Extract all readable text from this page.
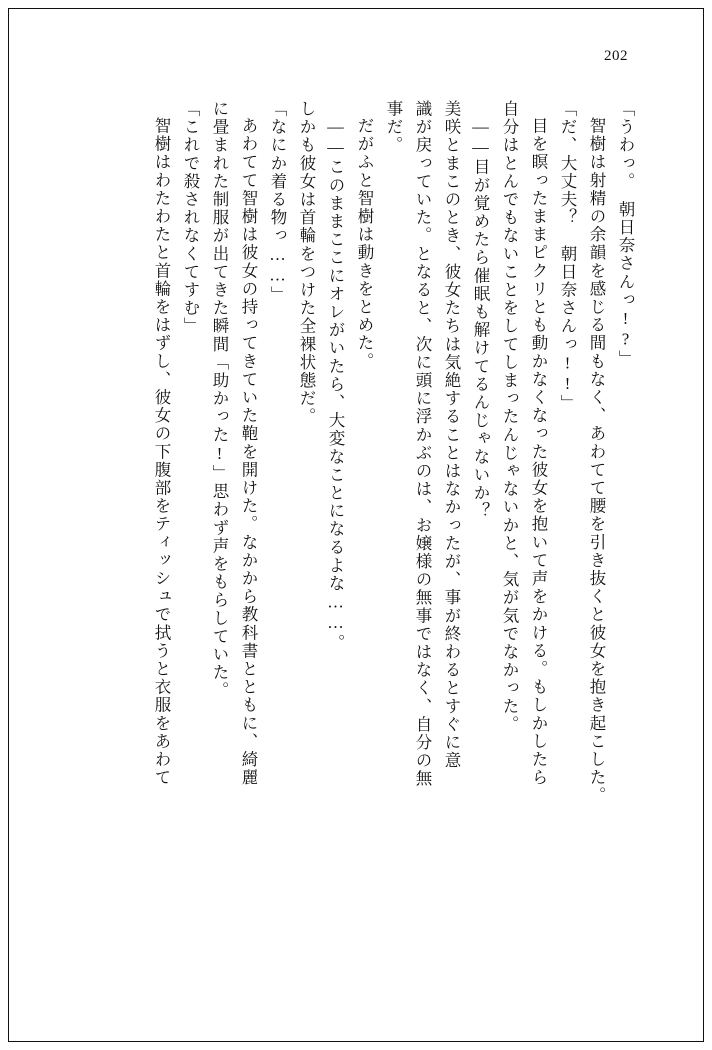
202
「うわっ。　朝日奈さんっ!?」
智樹は射精の余韻を感じる間もなく、あわてて腰を引き抜くと彼女を抱き起こした。
「だ、大丈夫？　朝日奈さんっ!!」
目を瞑ったままピクリとも動かなくなった彼女を抱いて声をかける。もしかしたら
自分はとんでもないことをしてしまったんじゃないかと、気が気でなかった。
――目が覚めたら催眠も解けてるんじゃないか？
美咲とまこのとき、彼女たちは気絶することはなかったが、事が終わるとすぐに意
識が戻っていた。となると、次に頭に浮かぶのは、お嬢様の無事ではなく、自分の無
事だ。
だがふと智樹は動きをとめた。
――このままここにオレがいたら、大変なことになるよな……。
しかも彼女は首輪をつけた全裸状態だ。
「なにか着る物っ……」
あわてて智樹は彼女の持ってきていた鞄を開けた。なかから教科書とともに、綺麗
に畳まれた制服が出てきた瞬間「助かった!」思わず声をもらしていた。
「これで殺されなくてすむ」
智樹はわたわたと首輪をはずし、彼女の下腹部をティッシュで拭うと衣服をあわて
